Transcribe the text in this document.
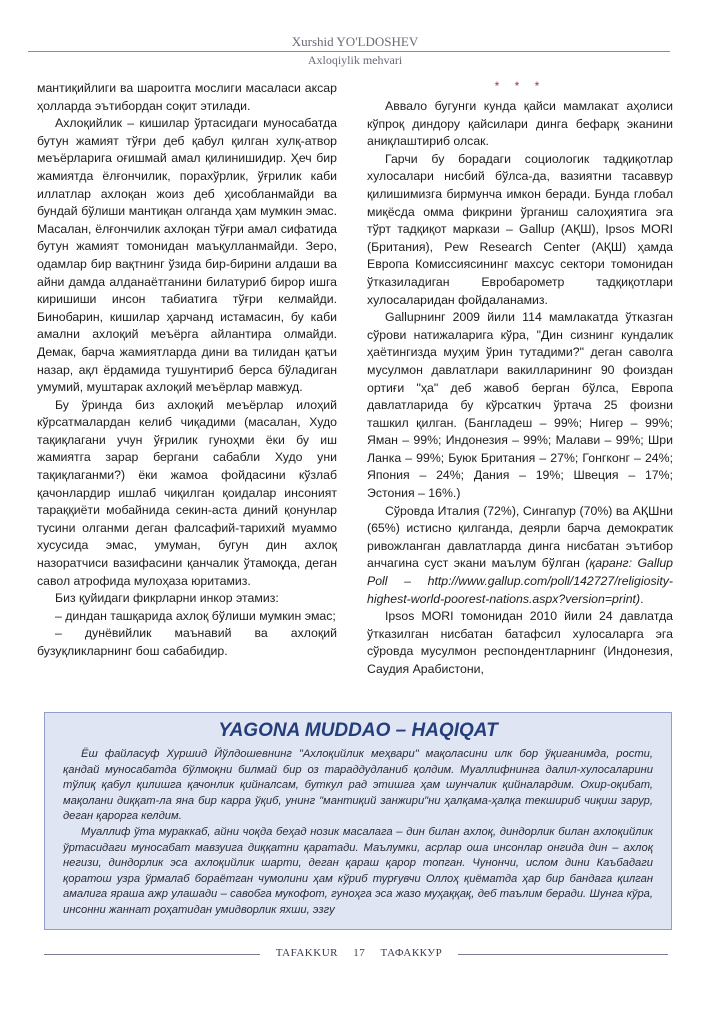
Xurshid YO'LDOSHEV
Axloqiylik mehvari

мантиқийлиги ва шароитга мослиги масаласи аксар ҳолларда эътибордан соқит этилади.

Ахлоқийлик – кишилар ўртасидаги муносабатда бутун жамият тўғри деб қабул қилган хулқ-атвор меъёрларига оғишмай амал қилинишидир. Ҳеч бир жамиятда ёлғончилик, порахўрлик, ўғрилик каби иллатлар ахлоқан жоиз деб ҳисобланмайди ва бундай бўлиши мантиқан олганда ҳам мумкин эмас. Масалан, ёлғончилик ахлоқан тўғри амал сифатида бутун жамият томонидан маъқулланмайди. Зеро, одамлар бир вақтнинг ўзида бир-бирини алдаши ва айни дамда алданаётганини билатуриб бирор ишга киришиши инсон табиатига тўғри келмайди. Бинобарин, кишилар ҳарчанд истамасин, бу каби амални ахлоқий меъёрга айлантира олмайди. Демак, барча жамиятларда дини ва тилидан қатъи назар, ақл ёрдамида тушунтириб берса бўладиган умумий, муштарак ахлоқий меъёрлар мавжуд.

Бу ўринда биз ахлоқий меъёрлар илоҳий кўрсатмалардан келиб чиқадими (масалан, Худо тақиқлагани учун ўғрилик гуноҳми ёки бу иш жамиятга зарар бергани сабабли Худо уни тақиқлаганми?) ёки жамоа фойдасини кўзлаб қачонлардир ишлаб чиқилган қоидалар инсоният тараққиёти мобайнида секин-аста диний қонунлар тусини олганми деган фалсафий-тарихий муаммо хусусида эмас, умуман, бугун дин ахлоқ назоратчиси вазифасини қанчалик ўтамоқда, деган савол атрофида мулоҳаза юритамиз.

Биз қуйидаги фикрларни инкор этамиз:

– диндан ташқарида ахлоқ бўлиши мумкин эмас;

– дунёвийлик маънавий ва ахлоқий бузуқликларнинг бош сабабидир.

* * *

Аввало бугунги кунда қайси мамлакат аҳолиси кўпроқ диндору қайсилари динга бефарқ эканини аниқлаштириб олсак.

Гарчи бу борадаги социологик тадқиқотлар хулосалари нисбий бўлса-да, вазиятни тасаввур қилишимизга бирмунча имкон беради. Бунда глобал миқёсда омма фикрини ўрганиш салоҳиятига эга тўрт тадқиқот маркази – Gallup (АҚШ), Ipsos MORI (Британия), Pew Research Center (АҚШ) ҳамда Европа Комиссиясининг махсус сектори томонидан ўтказиладиган Евробарометр тадқиқотлари хулосаларидан фойдаланамиз.

Gallupнинг 2009 йили 114 мамлакатда ўтказган сўрови натижаларига кўра, "Дин сизнинг кундалик ҳаётингизда муҳим ўрин тутадими?" деган саволга мусулмон давлатлари вакилларининг 90 фоиздан ортиғи "ҳа" деб жавоб берган бўлса, Европа давлатларида бу кўрсаткич ўртача 25 фоизни ташкил қилган. (Бангладеш – 99%; Нигер – 99%; Яман – 99%; Индонезия – 99%; Малави – 99%; Шри Ланка – 99%; Буюк Британия – 27%; Гонгконг – 24%; Япония – 24%; Дания – 19%; Швеция – 17%; Эстония – 16%.)

Сўровда Италия (72%), Сингапур (70%) ва АҚШни (65%) истисно қилганда, деярли барча демократик ривожланган давлатларда динга нисбатан эътибор анчагина суст экани маълум бўлган (қаранг: Gallup Poll – http://www.gallup.com/poll/142727/religiosity-highest-world-poorest-nations.aspx?version=print).

Ipsos MORI томонидан 2010 йили 24 давлатда ўтказилган нисбатан батафсил хулосаларга эга сўровда мусулмон респондентларнинг (Индонезия, Саудия Арабистони,

YAGONA MUDDAO – HAQIQAT

Ёш файласуф Хуршид Йўлдошевнинг "Ахлоқийлик меҳвари" мақоласини илк бор ўқиганимда, рости, қандай муносабатда бўлмоқни билмай бир оз тараддудланиб қолдим. Муаллифнинга далил-хулосаларини тўлиқ қабул қилишга қачонлик қийналсам, буткул рад этишга ҳам шунчалик қийналардим. Охир-оқибат, мақолани диққат-ла яна бир карра ўқиб, унинг "мантиқий занжири"ни ҳалқама-ҳалқа текшириб чиқиш зарур, деган қарорга келдим.

Муаллиф ўта мураккаб, айни чоқда беҳад нозик масалага – дин билан ахлоқ, диндорлик билан ахлоқийлик ўртасидаги муносабат мавзуига диққатни қаратади. Маълумки, асрлар оша инсонлар онгида дин – ахлоқ негизи, диндорлик эса ахлоқийлик шарти, деган қараш қарор топган. Чунончи, ислом дини Каъбадаги қоратош узра ўрмалаб бораётган чумолини ҳам кўриб турғувчи Оллоҳ қиёматда ҳар бир бандага қилган амалига яраша ажр улашади – савобга мукофот, гуноҳга эса жазо муҳаққақ, деб таълим беради. Шунга кўра, инсонни жаннат роҳатидан умидворлик яхши, эзгу

TAFAKKUR 17 ТАФАККУР
